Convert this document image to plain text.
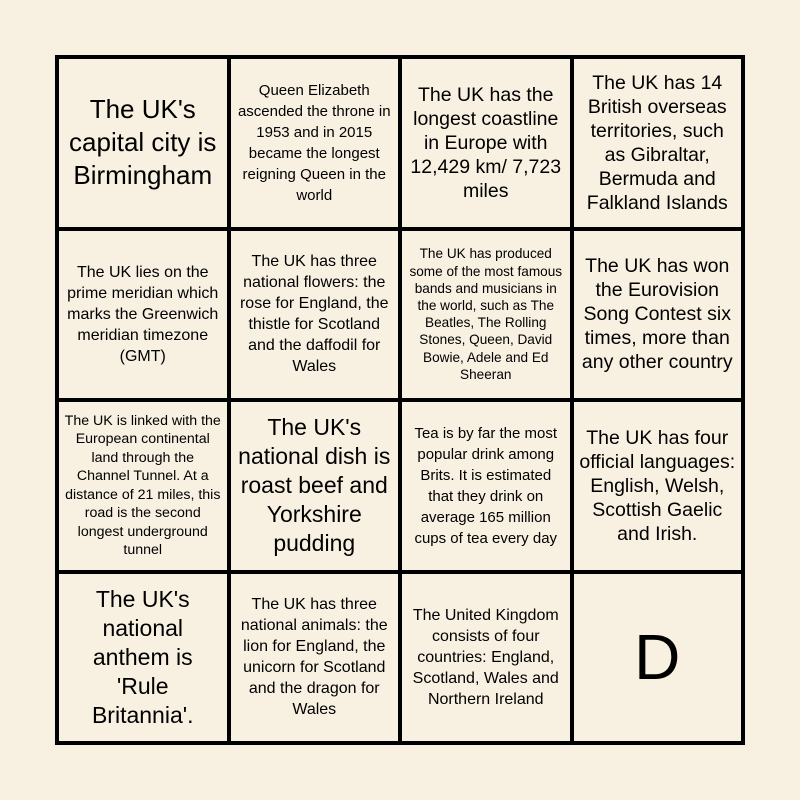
The UK's capital city is Birmingham
Queen Elizabeth ascended the throne in 1953 and in 2015 became the longest reigning Queen in the world
The UK has the longest coastline in Europe with 12,429 km/ 7,723 miles
The UK has 14 British overseas territories, such as Gibraltar, Bermuda and Falkland Islands
The UK lies on the prime meridian which marks the Greenwich meridian timezone (GMT)
The UK has three national flowers: the rose for England, the thistle for Scotland and the daffodil for Wales
The UK has produced some of the most famous bands and musicians in the world, such as The Beatles, The Rolling Stones, Queen, David Bowie, Adele and Ed Sheeran
The UK has won the Eurovision Song Contest six times, more than any other country
The UK is linked with the European continental land through the Channel Tunnel. At a distance of 21 miles, this road is the second longest underground tunnel
The UK's national dish is roast beef and Yorkshire pudding
Tea is by far the most popular drink among Brits. It is estimated that they drink on average 165 million cups of tea every day
The UK has four official languages: English, Welsh, Scottish Gaelic and Irish.
The UK's national anthem is 'Rule Britannia'.
The UK has three national animals: the lion for England, the unicorn for Scotland and the dragon for Wales
The United Kingdom consists of four countries: England, Scotland, Wales and Northern Ireland
D
